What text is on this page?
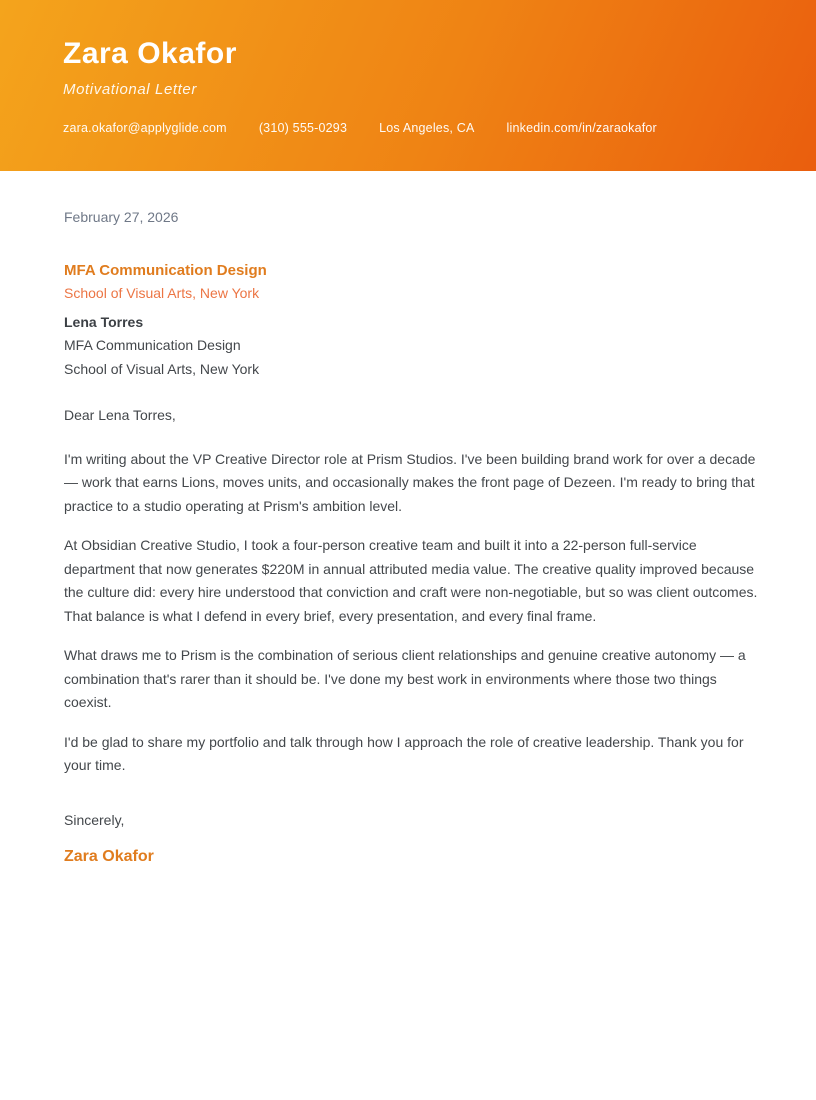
Zara Okafor
Motivational Letter
zara.okafor@applyglide.com	(310) 555-0293	Los Angeles, CA	linkedin.com/in/zaraokafor
February 27, 2026
MFA Communication Design
School of Visual Arts, New York
Lena Torres
MFA Communication Design
School of Visual Arts, New York

Dear Lena Torres,

I'm writing about the VP Creative Director role at Prism Studios. I've been building brand work for over a decade — work that earns Lions, moves units, and occasionally makes the front page of Dezeen. I'm ready to bring that practice to a studio operating at Prism's ambition level.

At Obsidian Creative Studio, I took a four-person creative team and built it into a 22-person full-service department that now generates $220M in annual attributed media value. The creative quality improved because the culture did: every hire understood that conviction and craft were non-negotiable, but so was client outcomes. That balance is what I defend in every brief, every presentation, and every final frame.

What draws me to Prism is the combination of serious client relationships and genuine creative autonomy — a combination that's rarer than it should be. I've done my best work in environments where those two things coexist.

I'd be glad to share my portfolio and talk through how I approach the role of creative leadership. Thank you for your time.

Sincerely,

Zara Okafor
